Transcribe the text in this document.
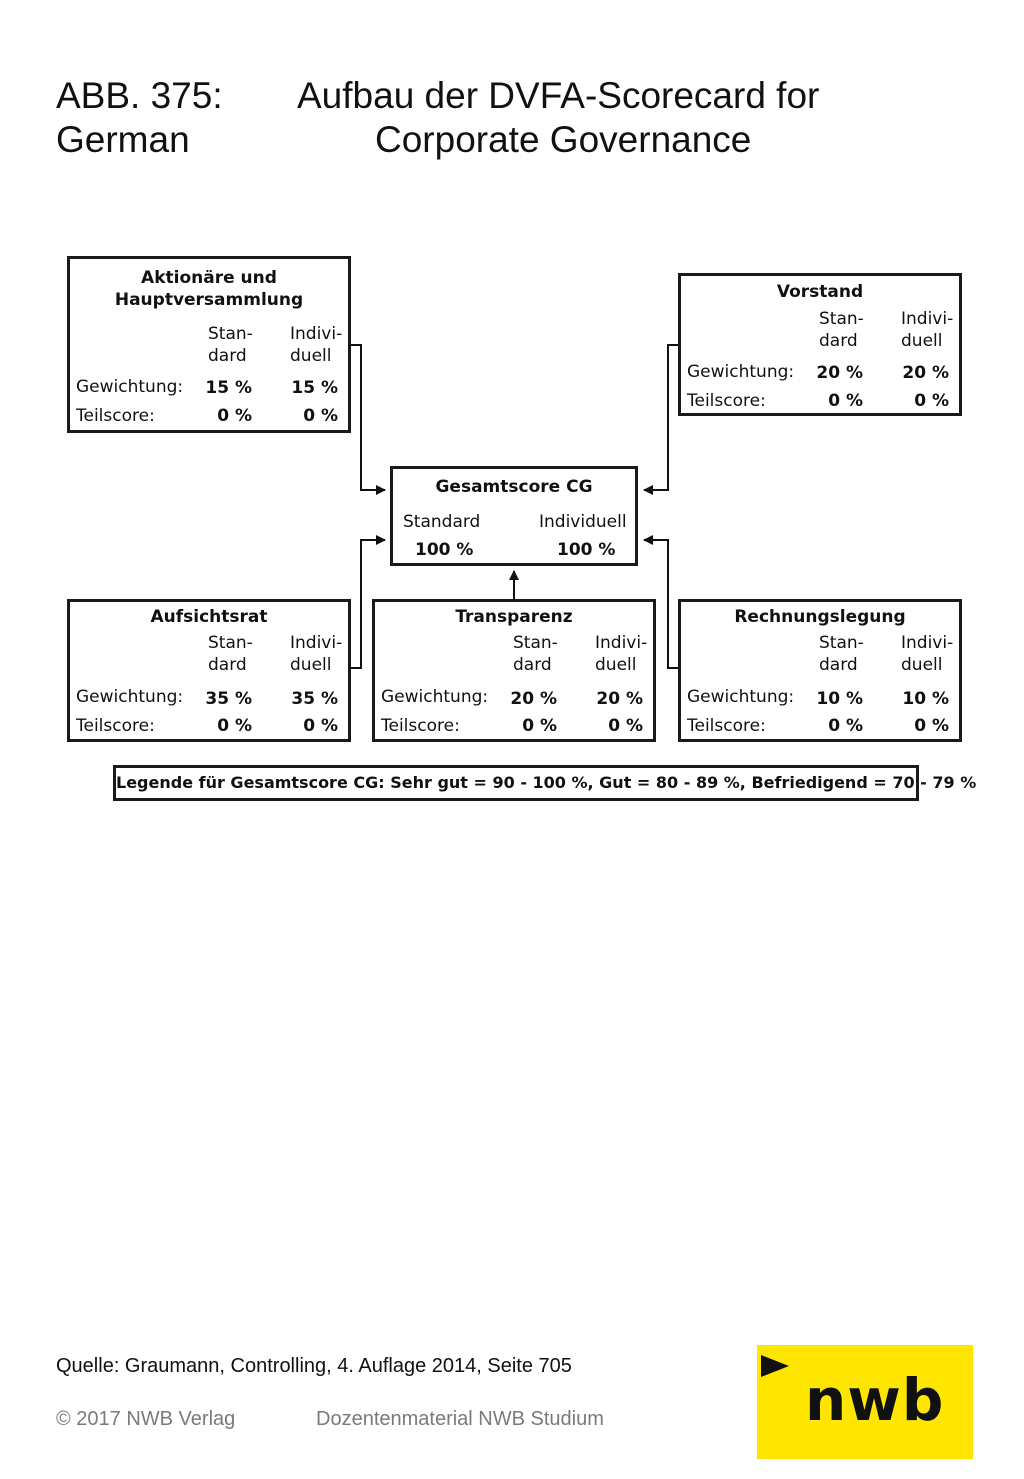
ABB. 375: Aufbau der DVFA-Scorecard for
German	Corporate Governance
Aktionäre und
Hauptversammlung
Stan-
dard
Indivi-
duell
Gewichtung:	15 %	15 %
Teilscore:	0 %	0 %
Vorstand
Stan-
dard
Indivi-
duell
Gewichtung:	20 %	20 %
Teilscore:	0 %	0 %
Gesamtscore CG
Standard	Individuell
100 %	100 %
Aufsichtsrat
Stan-
dard
Indivi-
duell
Gewichtung:	35 %	35 %
Teilscore:	0 %	0 %
Transparenz
Stan-
dard
Indivi-
duell
Gewichtung:	20 %	20 %
Teilscore:	0 %	0 %
Rechnungslegung
Stan-
dard
Indivi-
duell
Gewichtung:	10 %	10 %
Teilscore:	0 %	0 %
Legende für Gesamtscore CG: Sehr gut = 90 - 100 %, Gut = 80 - 89 %, Befriedigend = 70 - 79 %
Quelle: Graumann, Controlling, 4. Auflage 2014, Seite 705
© 2017 NWB Verlag	Dozentenmaterial NWB Studium	nwb
